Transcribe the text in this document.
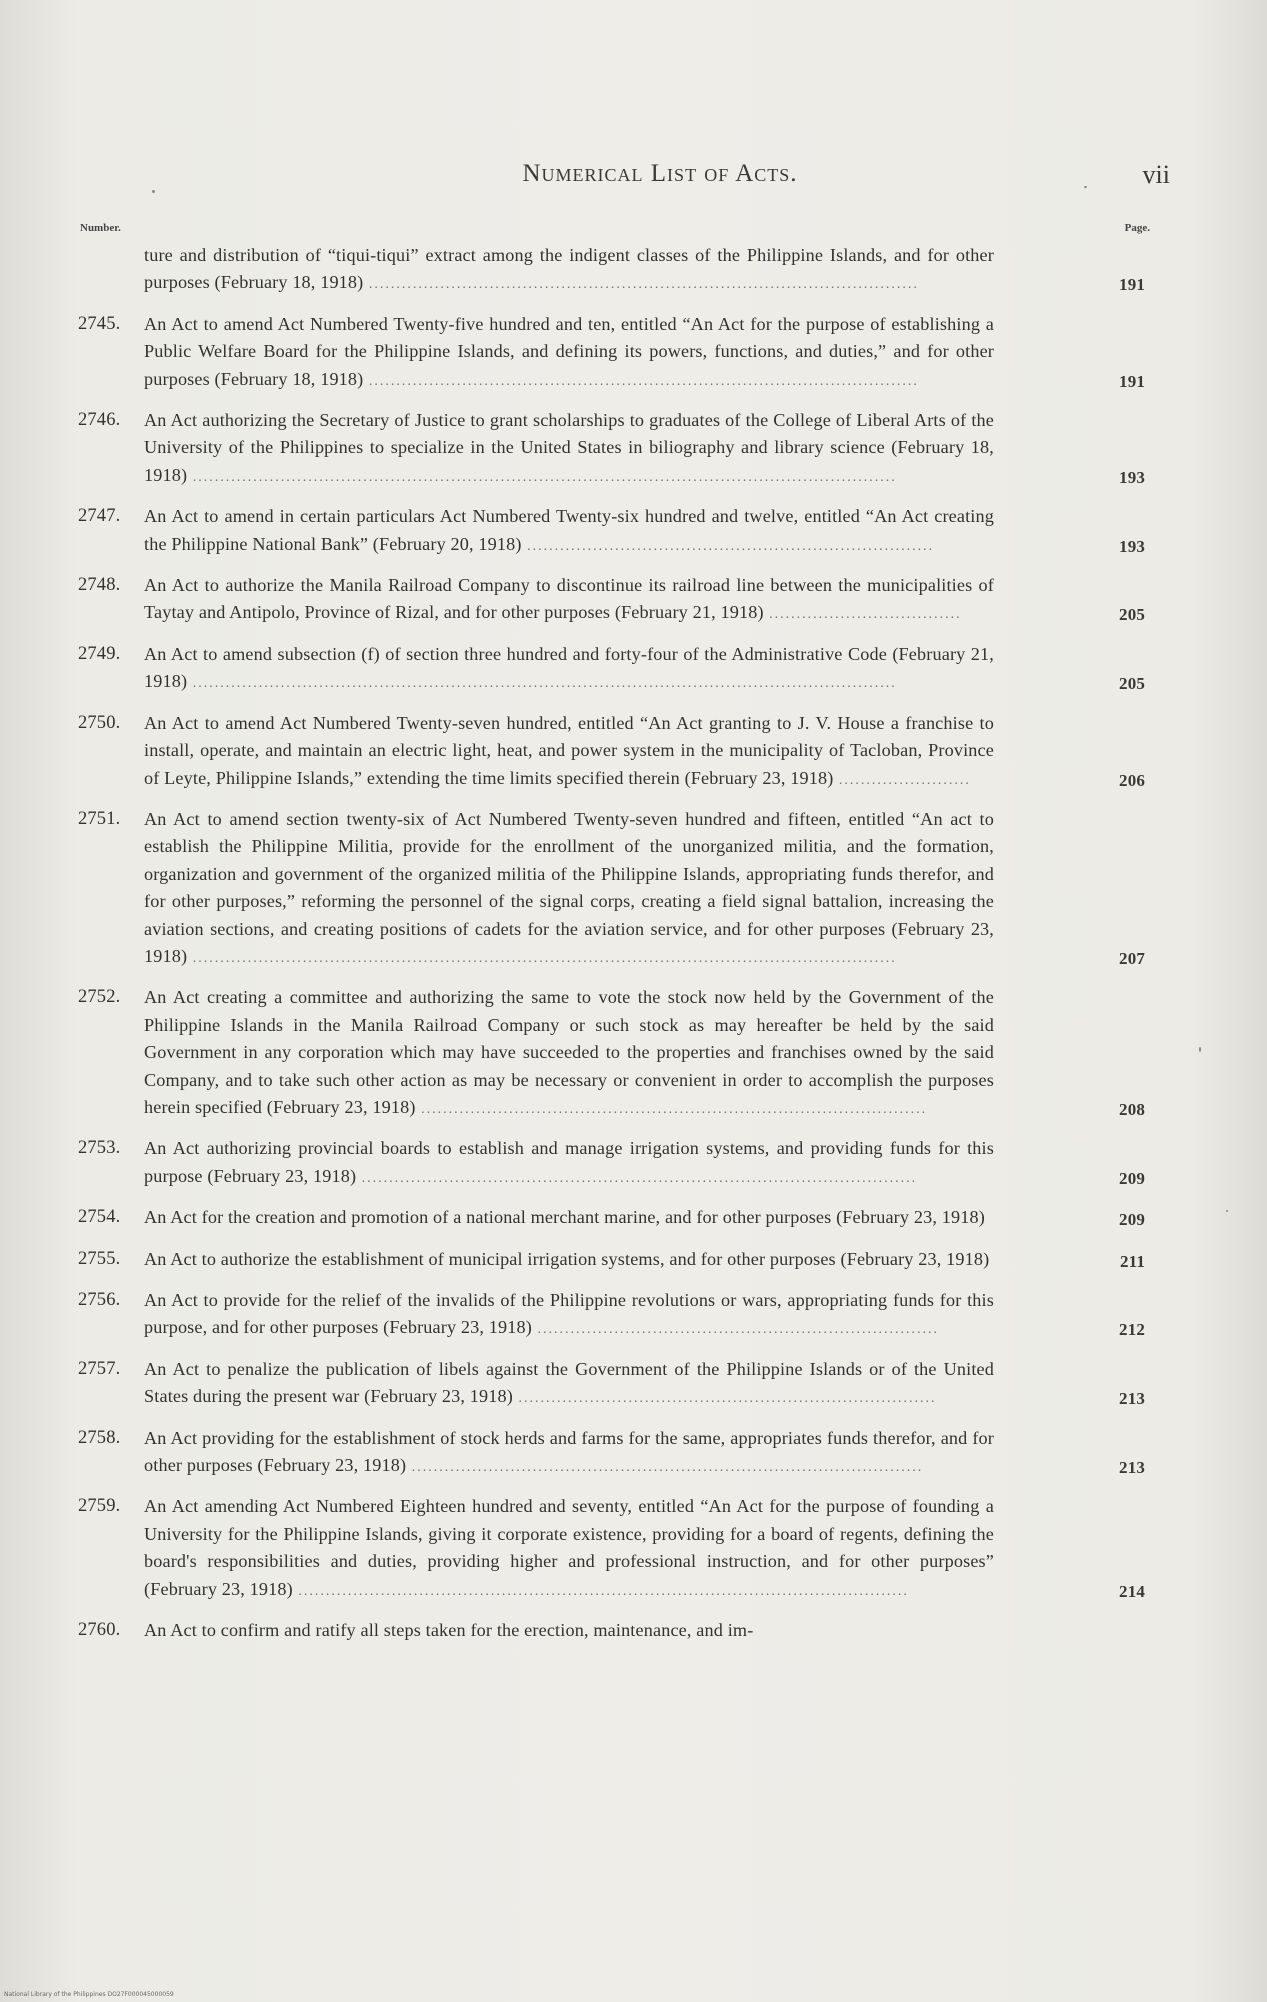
Numerical List of Acts.	vii
Number.	Page.
ture and distribution of “tiqui-tiqui” extract among the indigent classes of the Philippine Islands, and for other purposes (February 18, 1918) ....................................................................................................	191
2745.	An Act to amend Act Numbered Twenty-five hundred and ten, entitled “An Act for the purpose of establishing a Public Welfare Board for the Philippine Islands, and defining its powers, functions, and duties,” and for other purposes (February 18, 1918) ....................................................................................................	191
2746.	An Act authorizing the Secretary of Justice to grant scholarships to graduates of the College of Liberal Arts of the University of the Philippines to specialize in the United States in biliography and library science (February 18, 1918) ................................................................................................................................	193
2747.	An Act to amend in certain particulars Act Numbered Twenty-six hundred and twelve, entitled “An Act creating the Philippine National Bank” (February 20, 1918) ..........................................................................	193
2748.	An Act to authorize the Manila Railroad Company to discontinue its railroad line between the municipalities of Taytay and Antipolo, Province of Rizal, and for other purposes (February 21, 1918) ...................................	205
2749.	An Act to amend subsection (f) of section three hundred and forty-four of the Administrative Code (February 21, 1918) ................................................................................................................................	205
2750.	An Act to amend Act Numbered Twenty-seven hundred, entitled “An Act granting to J. V. House a franchise to install, operate, and maintain an electric light, heat, and power system in the municipality of Tacloban, Province of Leyte, Philippine Islands,” extending the time limits specified therein (February 23, 1918) ........................	206
2751.	An Act to amend section twenty-six of Act Numbered Twenty-seven hundred and fifteen, entitled “An act to establish the Philippine Militia, provide for the enrollment of the unorganized militia, and the formation, organization and government of the organized militia of the Philippine Islands, appropriating funds therefor, and for other purposes,” reforming the personnel of the signal corps, creating a field signal battalion, increasing the aviation sections, and creating positions of cadets for the aviation service, and for other purposes (February 23, 1918) ................................................................................................................................	207
2752.	An Act creating a committee and authorizing the same to vote the stock now held by the Government of the Philippine Islands in the Manila Railroad Company or such stock as may hereafter be held by the said Government in any corporation which may have succeeded to the properties and franchises owned by the said Company, and to take such other action as may be necessary or convenient in order to accomplish the purposes herein specified (February 23, 1918) ............................................................................................	208
2753.	An Act authorizing provincial boards to establish and manage irrigation systems, and providing funds for this purpose (February 23, 1918) .....................................................................................................	209
2754.	An Act for the creation and promotion of a national merchant marine, and for other purposes (February 23, 1918)	209
2755.	An Act to authorize the establishment of municipal irrigation systems, and for other purposes (February 23, 1918)	211
2756.	An Act to provide for the relief of the invalids of the Philippine revolutions or wars, appropriating funds for this purpose, and for other purposes (February 23, 1918) .........................................................................	212
2757.	An Act to penalize the publication of libels against the Government of the Philippine Islands or of the United States during the present war (February 23, 1918) ............................................................................	213
2758.	An Act providing for the establishment of stock herds and farms for the same, appropriates funds therefor, and for other purposes (February 23, 1918) .............................................................................................	213
2759.	An Act amending Act Numbered Eighteen hundred and seventy, entitled “An Act for the purpose of founding a University for the Philippine Islands, giving it corporate existence, providing for a board of regents, defining the board's responsibilities and duties, providing higher and professional instruction, and for other purposes” (February 23, 1918) ...............................................................................................................	214
2760.	An Act to confirm and ratify all steps taken for the erection, maintenance, and im-
National Library of the Philippines DO27F000045000059
